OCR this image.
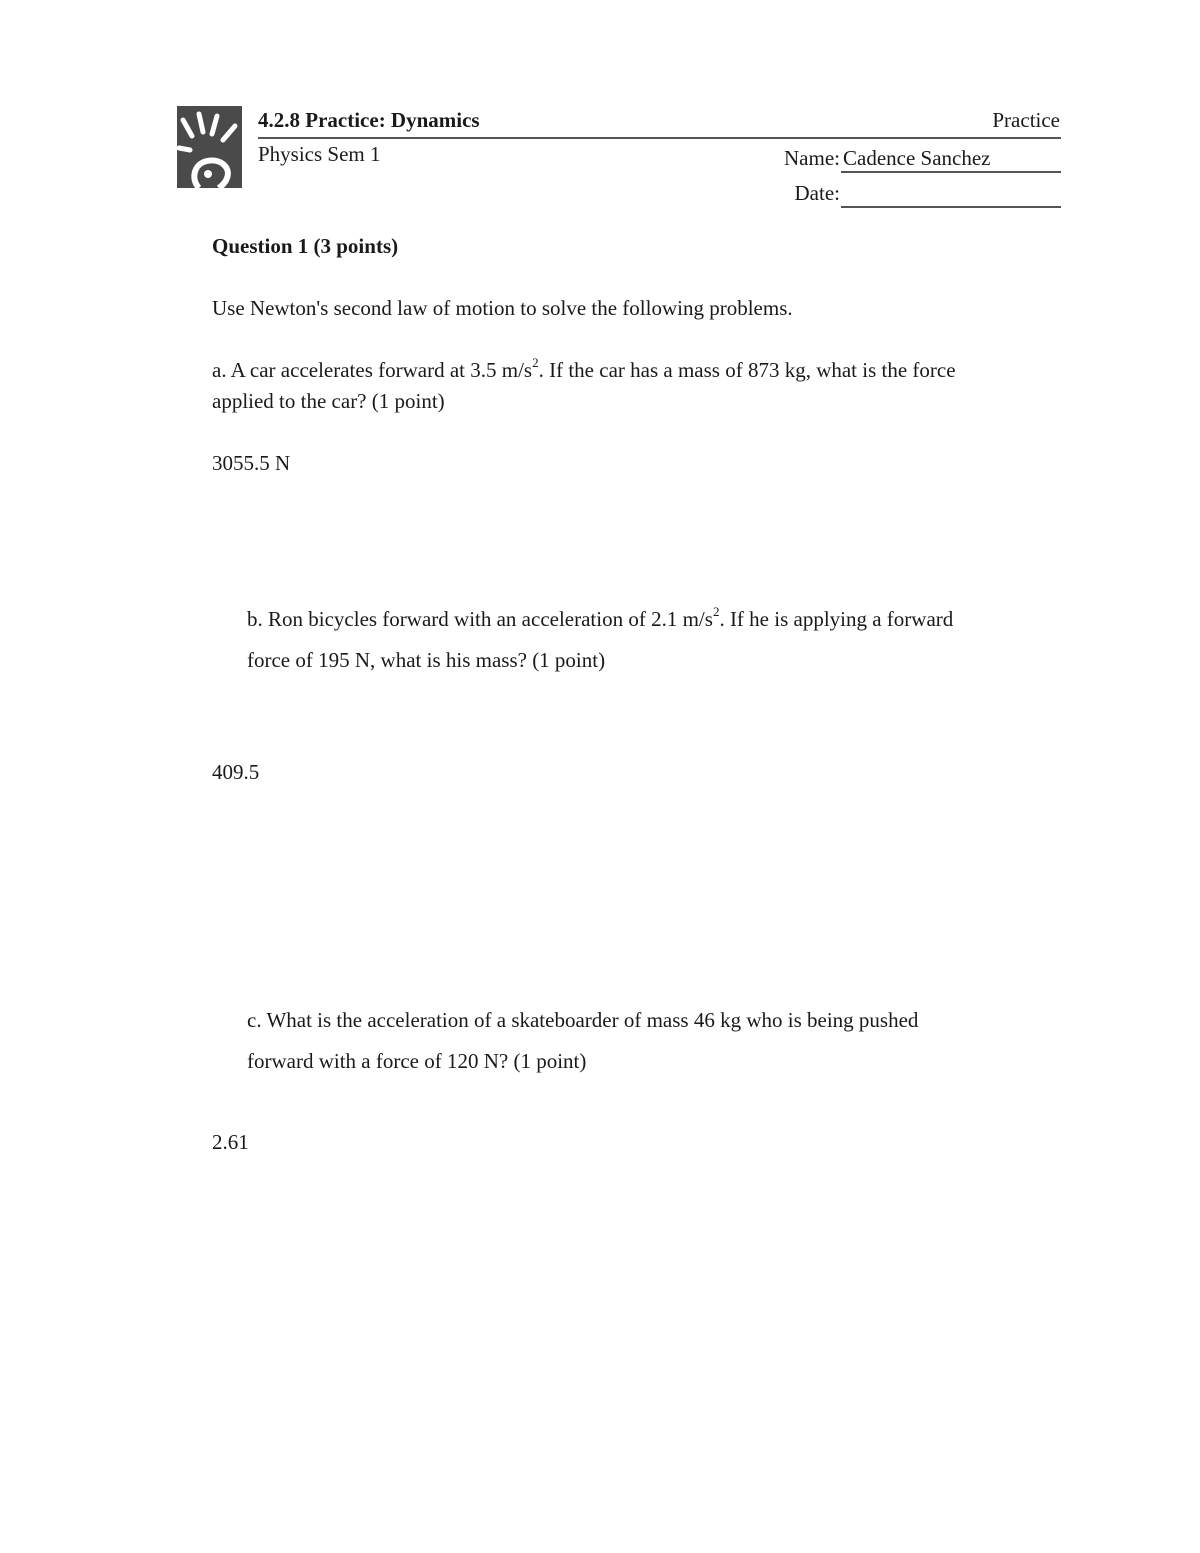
4.2.8 Practice: Dynamics	Practice
Physics Sem 1	Name: Cadence Sanchez
Date:
Question 1 (3 points)
Use Newton's second law of motion to solve the following problems.
a. A car accelerates forward at 3.5 $m/s^2$. If the car has a mass of 873 kg, what is the force
applied to the car? (1 point)
3055.5 N
b. Ron bicycles forward with an acceleration of 2.1 $m/s^2$. If he is applying a forward
force of 195 N, what is his mass? (1 point)
409.5
c. What is the acceleration of a skateboarder of mass 46 kg who is being pushed
forward with a force of 120 N? (1 point)
2.61
